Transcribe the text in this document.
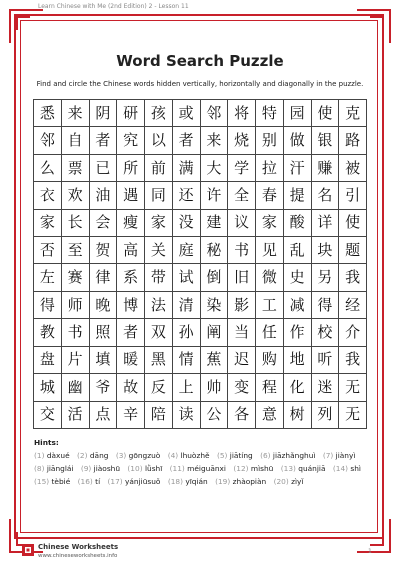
Learn Chinese with Me (2nd Edition) 2 - Lesson 11
Word Search Puzzle
Find and circle the Chinese words hidden vertically, horizontally and diagonally in the puzzle.
悉 来 阴 研 孩 或 邻 将 特 园 使 克
邻 自 者 究 以 者 来 烧 别 做 银 路
么 票 已 所 前 满 大 学 拉 汗 赚 被
衣 欢 油 遇 同 还 许 全 春 提 名 引
家 长 会 瘦 家 没 建 议 家 酸 详 使
否 至 贺 高 关 庭 秘 书 见 乱 块 题
左 赛 律 系 带 试 倒 旧 微 史 另 我
得 师 晚 博 法 清 染 影 工 减 得 经
教 书 照 者 双 孙 阐 当 任 作 校 介
盘 片 填 暖 黑 情 蕉 迟 购 地 听 我
城 幽 爷 故 反 上 帅 变 程 化 迷 无
交 活 点 辛 陪 读 公 各 意 树 列 无
Hints:
(1) dàxué (2) dāng (3) gōngzuò (4) lhuòzhě (5) jiātíng (6) jiāzhǎnghuì (7) jiànyì (8) jiānglái (9) jiàoshū (10) lǜshī (11) méiguānxi (12) mìshū (13) quánjiā (14) shì (15) tèbié (16) tí (17) yánjiūsuǒ (18) yīqián (19) zhàopiàn (20) zìyǐ
Chinese Worksheets
www.chineseworksheets.info
1
